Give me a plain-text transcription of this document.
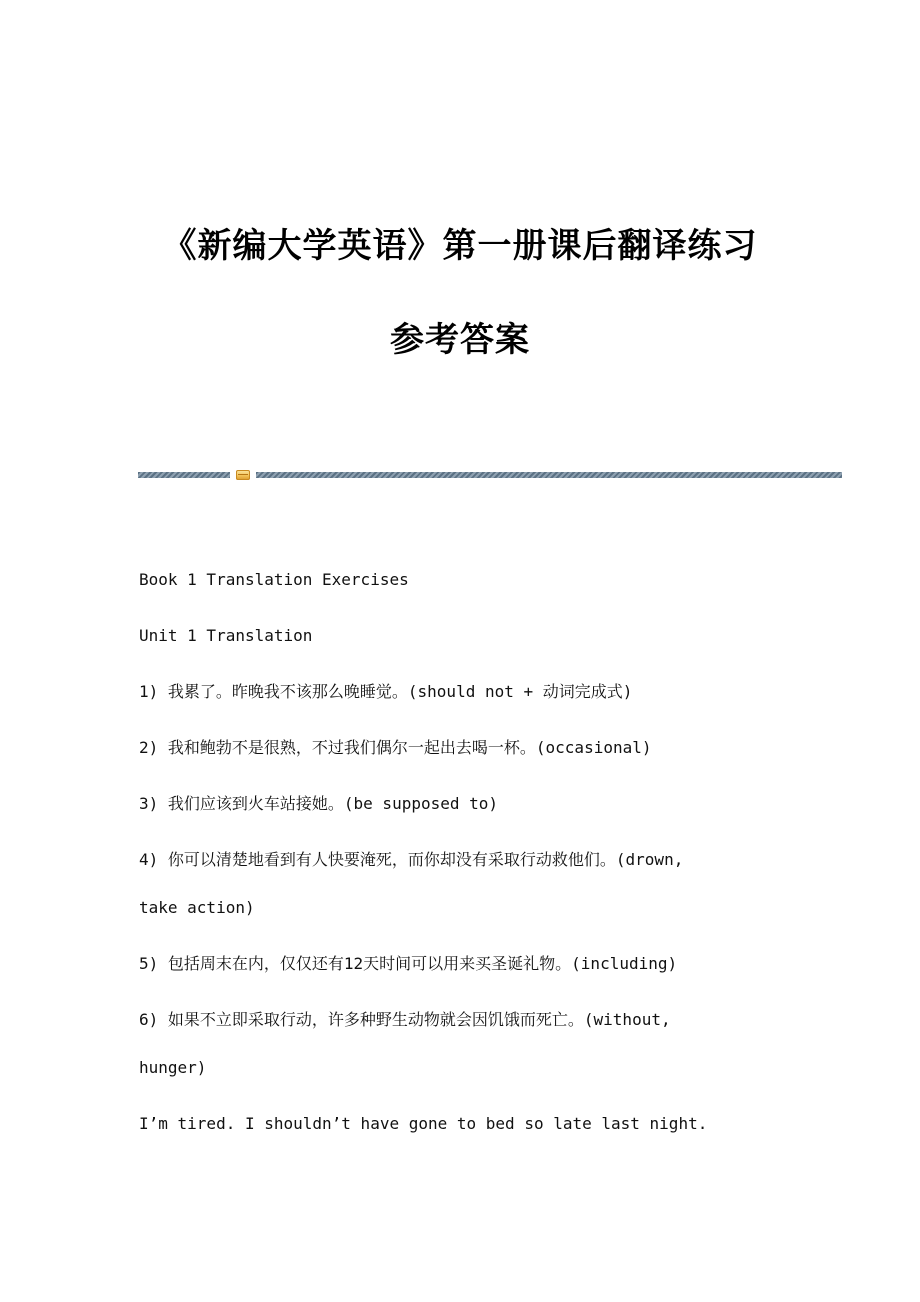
《新编大学英语》第一册课后翻译练习
参考答案
Book 1 Translation Exercises
Unit 1 Translation
1) 我累了。昨晚我不该那么晚睡觉。(should not + 动词完成式)
2) 我和鲍勃不是很熟，不过我们偶尔一起出去喝一杯。(occasional)
3) 我们应该到火车站接她。(be supposed to)
4) 你可以清楚地看到有人快要淹死，而你却没有采取行动救他们。(drown,
take action)
5) 包括周末在内，仅仅还有12天时间可以用来买圣诞礼物。(including)
6) 如果不立即采取行动，许多种野生动物就会因饥饿而死亡。(without,
hunger)
I’m tired. I shouldn’t have gone to bed so late last night.
